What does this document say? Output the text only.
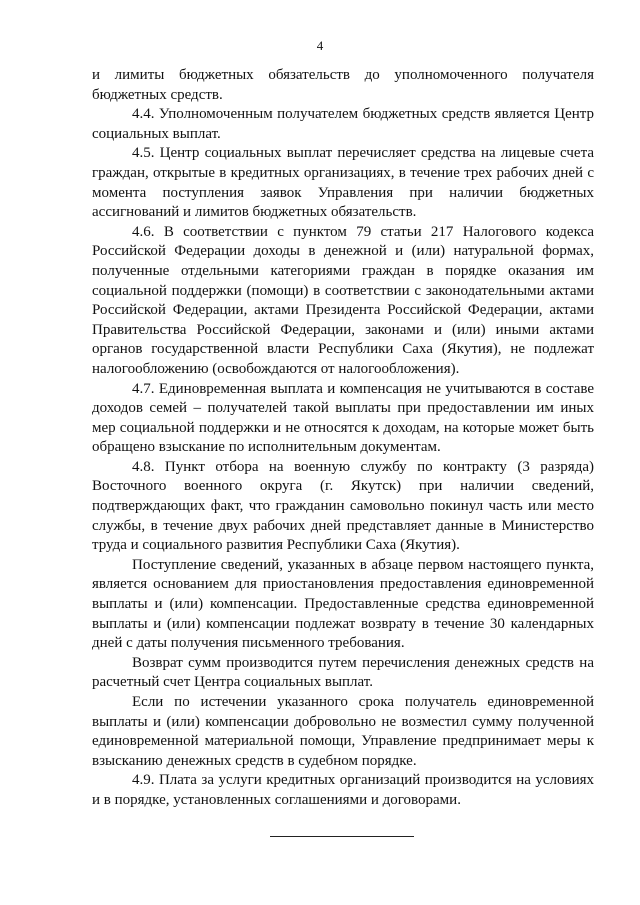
4

и лимиты бюджетных обязательств до уполномоченного получателя бюджетных средств.

4.4. Уполномоченным получателем бюджетных средств является Центр социальных выплат.

4.5. Центр социальных выплат перечисляет средства на лицевые счета граждан, открытые в кредитных организациях, в течение трех рабочих дней с момента поступления заявок Управления при наличии бюджетных ассигнований и лимитов бюджетных обязательств.

4.6. В соответствии с пунктом 79 статьи 217 Налогового кодекса Российской Федерации доходы в денежной и (или) натуральной формах, полученные отдельными категориями граждан в порядке оказания им социальной поддержки (помощи) в соответствии с законодательными актами Российской Федерации, актами Президента Российской Федерации, актами Правительства Российской Федерации, законами и (или) иными актами органов государственной власти Республики Саха (Якутия), не подлежат налогообложению (освобождаются от налогообложения).

4.7. Единовременная выплата и компенсация не учитываются в составе доходов семей – получателей такой выплаты при предоставлении им иных мер социальной поддержки и не относятся к доходам, на которые может быть обращено взыскание по исполнительным документам.

4.8. Пункт отбора на военную службу по контракту (3 разряда) Восточного военного округа (г. Якутск) при наличии сведений, подтверждающих факт, что гражданин самовольно покинул часть или место службы, в течение двух рабочих дней представляет данные в Министерство труда и социального развития Республики Саха (Якутия).

Поступление сведений, указанных в абзаце первом настоящего пункта, является основанием для приостановления предоставления единовременной выплаты и (или) компенсации. Предоставленные средства единовременной выплаты и (или) компенсации подлежат возврату в течение 30 календарных дней с даты получения письменного требования.

Возврат сумм производится путем перечисления денежных средств на расчетный счет Центра социальных выплат.

Если по истечении указанного срока получатель единовременной выплаты и (или) компенсации добровольно не возместил сумму полученной единовременной материальной помощи, Управление предпринимает меры к взысканию денежных средств в судебном порядке.

4.9. Плата за услуги кредитных организаций производится на условиях и в порядке, установленных соглашениями и договорами.
